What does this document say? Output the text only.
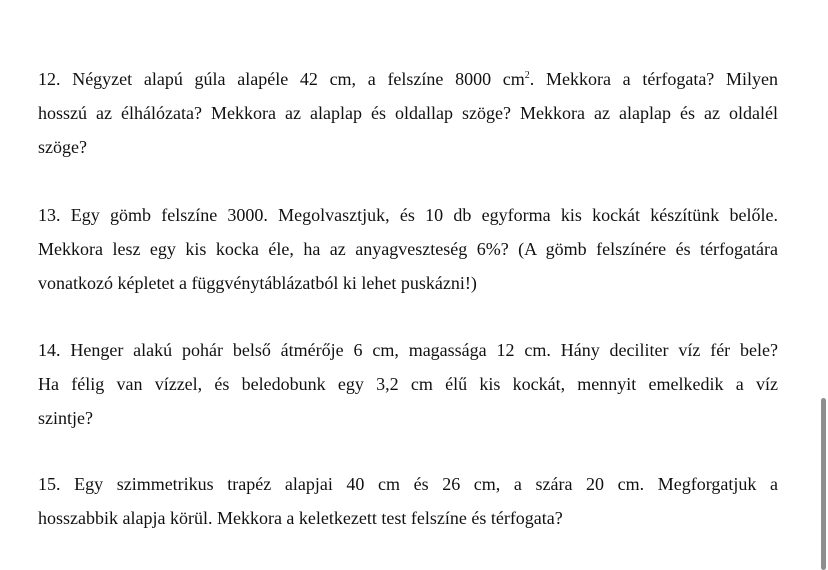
12. Négyzet alapú gúla alapéle 42 cm, a felszíne 8000 $cm^2$. Mekkora a térfogata? Milyen
hosszú az élhálózata? Mekkora az alaplap és oldallap szöge? Mekkora az alaplap és az oldalél
szöge?
13. Egy gömb felszíne 3000. Megolvasztjuk, és 10 db egyforma kis kockát készítünk belőle.
Mekkora lesz egy kis kocka éle, ha az anyagveszteség 6%? (A gömb felszínére és térfogatára
vonatkozó képletet a függvénytáblázatból ki lehet puskázni!)
14. Henger alakú pohár belső átmérője 6 cm, magassága 12 cm. Hány deciliter víz fér bele?
Ha félig van vízzel, és beledobunk egy 3,2 cm élű kis kockát, mennyit emelkedik a víz
szintje?
15. Egy szimmetrikus trapéz alapjai 40 cm és 26 cm, a szára 20 cm. Megforgatjuk a
hosszabbik alapja körül. Mekkora a keletkezett test felszíne és térfogata?
